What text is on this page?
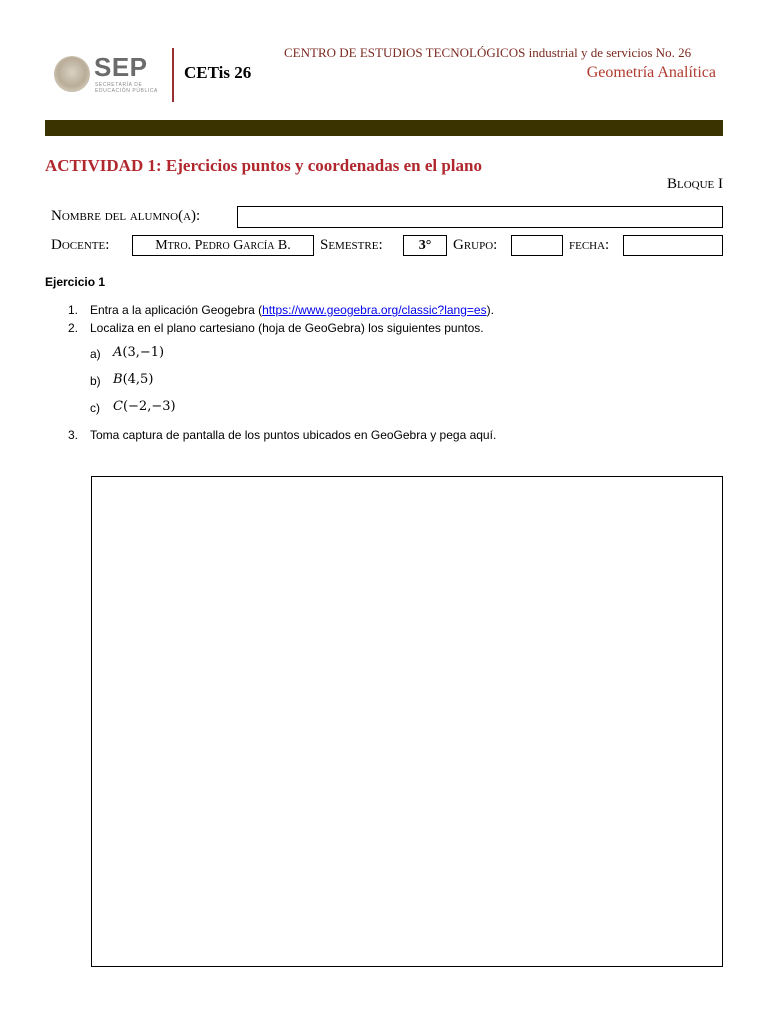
SEP
SECRETARÍA DE
EDUCACIÓN PÚBLICA
CETis 26
CENTRO DE ESTUDIOS TECNOLÓGICOS industrial y de servicios No. 26
Geometría Analítica
ACTIVIDAD 1: Ejercicios puntos y coordenadas en el plano
Bloque I
Nombre del alumno(a):
Docente:	Mtro. Pedro García B.	Semestre:	3°	Grupo:	fecha:
Ejercicio 1
1. Entra a la aplicación Geogebra (https://www.geogebra.org/classic?lang=es).
2. Localiza en el plano cartesiano (hoja de GeoGebra) los siguientes puntos.
a) A(3,−1)
b) B(4,5)
c) C(−2,−3)
3. Toma captura de pantalla de los puntos ubicados en GeoGebra y pega aquí.
